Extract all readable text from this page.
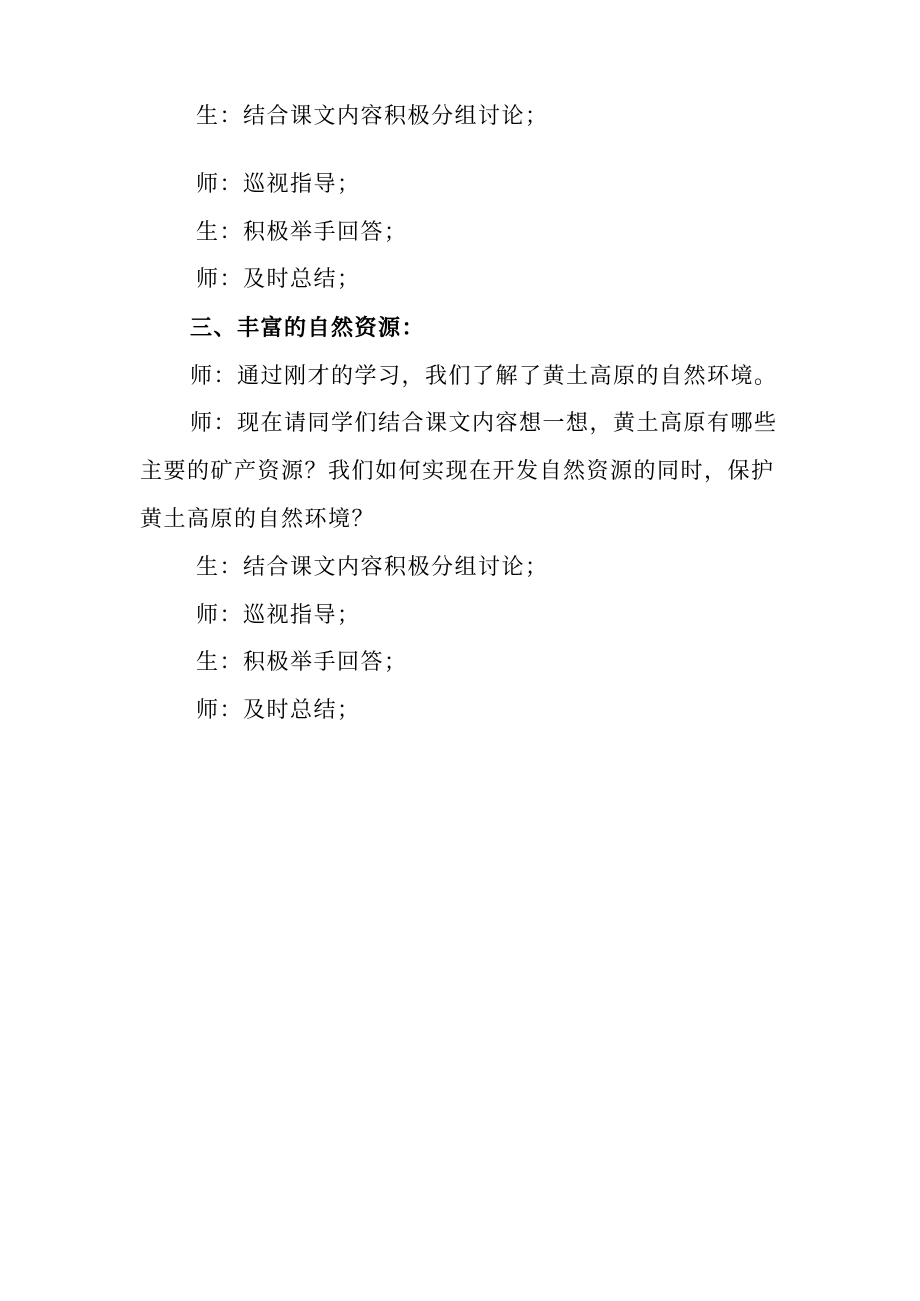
生：结合课文内容积极分组讨论；
师：巡视指导；
生：积极举手回答；
师：及时总结；
三、丰富的自然资源：
师：通过刚才的学习，我们了解了黄土高原的自然环境。
师：现在请同学们结合课文内容想一想，黄土高原有哪些
主要的矿产资源？我们如何实现在开发自然资源的同时，保护
黄土高原的自然环境？
生：结合课文内容积极分组讨论；
师：巡视指导；
生：积极举手回答；
师：及时总结；
